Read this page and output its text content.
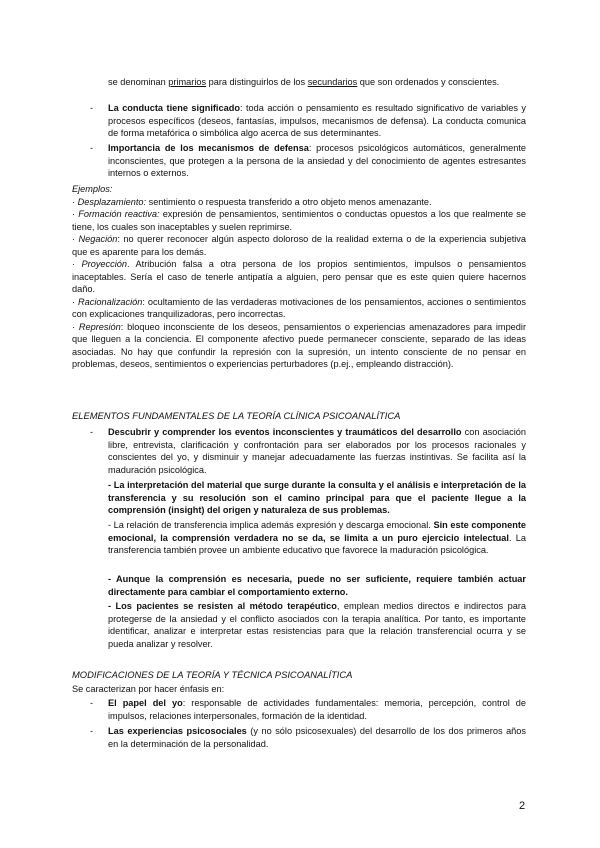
se denominan primarios para distinguirlos de los secundarios que son ordenados y conscientes.
-	La conducta tiene significado: toda acción o pensamiento es resultado significativo de variables y procesos específicos (deseos, fantasías, impulsos, mecanismos de defensa). La conducta comunica de forma metafórica o simbólica algo acerca de sus determinantes.
-	Importancia de los mecanismos de defensa: procesos psicológicos automáticos, generalmente inconscientes, que protegen a la persona de la ansiedad y del conocimiento de agentes estresantes internos o externos.
Ejemplos:
· Desplazamiento: sentimiento o respuesta transferido a otro objeto menos amenazante.
· Formación reactiva: expresión de pensamientos, sentimientos o conductas opuestos a los que realmente se tiene, los cuales son inaceptables y suelen reprimirse.
· Negación: no querer reconocer algún aspecto doloroso de la realidad externa o de la experiencia subjetiva que es aparente para los demás.
· Proyección. Atribución falsa a otra persona de los propios sentimientos, impulsos o pensamientos inaceptables. Sería el caso de tenerle antipatía a alguien, pero pensar que es este quien quiere hacernos daño.
· Racionalización: ocultamiento de las verdaderas motivaciones de los pensamientos, acciones o sentimientos con explicaciones tranquilizadoras, pero incorrectas.
· Represión: bloqueo inconsciente de los deseos, pensamientos o experiencias amenazadores para impedir que lleguen a la conciencia. El componente afectivo puede permanecer consciente, separado de las ideas asociadas. No hay que confundir la represión con la supresión, un intento consciente de no pensar en problemas, deseos, sentimientos o experiencias perturbadores (p.ej., empleando distracción).
ELEMENTOS FUNDAMENTALES DE LA TEORÍA CLÍNICA PSICOANALÍTICA
-	Descubrir y comprender los eventos inconscientes y traumáticos del desarrollo con asociación libre, entrevista, clarificación y confrontación para ser elaborados por los procesos racionales y conscientes del yo, y disminuir y manejar adecuadamente las fuerzas instintivas. Se facilita así la maduración psicológica.
- La interpretación del material que surge durante la consulta y el análisis e interpretación de la transferencia y su resolución son el camino principal para que el paciente llegue a la comprensión (insight) del origen y naturaleza de sus problemas.
- La relación de transferencia implica además expresión y descarga emocional. Sin este componente emocional, la comprensión verdadera no se da, se limita a un puro ejercicio intelectual. La transferencia también provee un ambiente educativo que favorece la maduración psicológica.
- Aunque la comprensión es necesaria, puede no ser suficiente, requiere también actuar directamente para cambiar el comportamiento externo.
- Los pacientes se resisten al método terapéutico, emplean medios directos e indirectos para protegerse de la ansiedad y el conflicto asociados con la terapia analítica. Por tanto, es importante identificar, analizar e interpretar estas resistencias para que la relación transferencial ocurra y se pueda analizar y resolver.
MODIFICACIONES DE LA TEORÍA Y TÉCNICA PSICOANALÍTICA
Se caracterizan por hacer énfasis en:
-	El papel del yo: responsable de actividades fundamentales: memoria, percepción, control de impulsos, relaciones interpersonales, formación de la identidad.
-	Las experiencias psicosociales (y no sólo psicosexuales) del desarrollo de los dos primeros años en la determinación de la personalidad.
2
